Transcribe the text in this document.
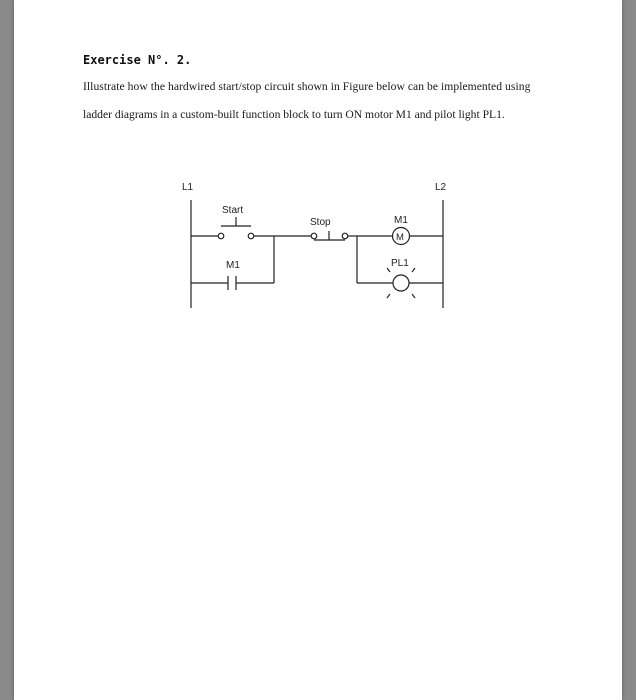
Exercise N°. 2.
Illustrate how the hardwired start/stop circuit shown in Figure below can be implemented using
ladder diagrams in a custom-built function block to turn ON motor M1 and pilot light PL1.
L1	L2
Start
Stop	M1
M
M1	PL1
